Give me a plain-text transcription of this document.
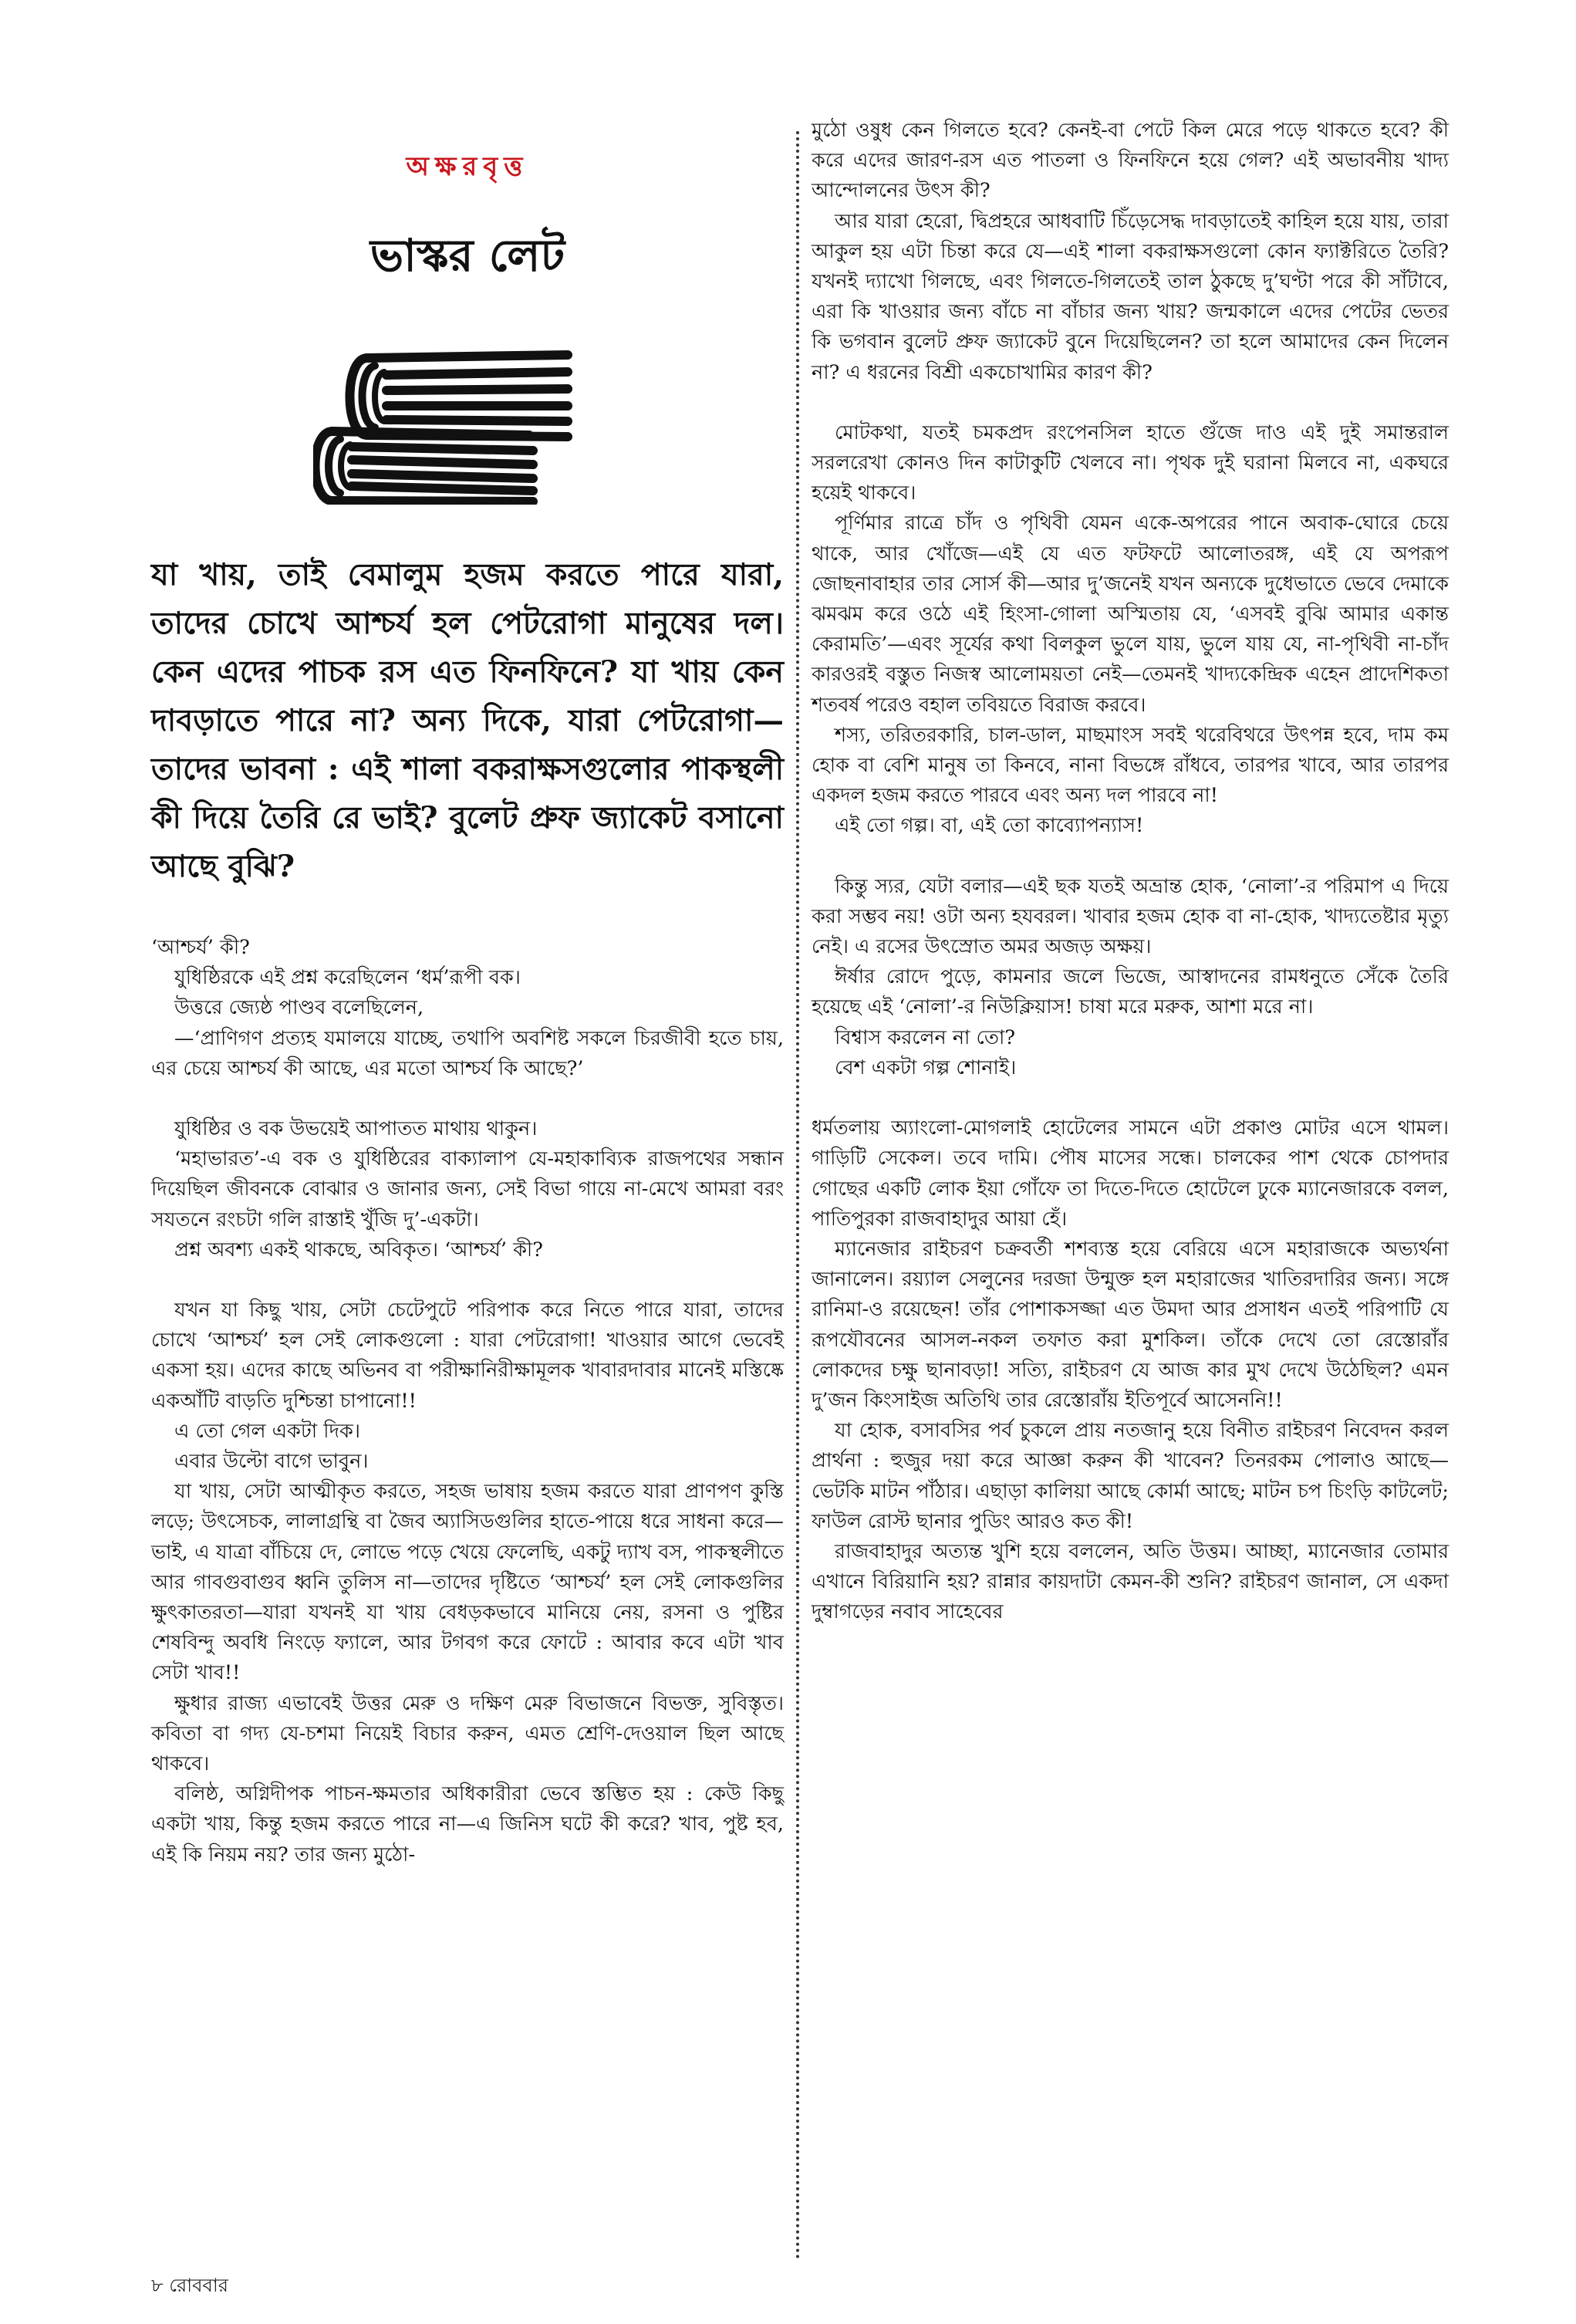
অক্ষরবৃত্ত
ভাস্কর লেট
যা খায়, তাই বেমালুম হজম করতে পারে যারা, তাদের চোখে আশ্চর্য হল পেটরোগা মানুষের দল। কেন এদের পাচক রস এত ফিনফিনে? যা খায় কেন দাবড়াতে পারে না? অন্য দিকে, যারা পেটরোগা—তাদের ভাবনা : এই শালা বকরাক্ষসগুলোর পাকস্থলী কী দিয়ে তৈরি রে ভাই? বুলেট প্রুফ জ্যাকেট বসানো আছে বুঝি?

‘আশ্চর্য’ কী?

যুধিষ্ঠিরকে এই প্রশ্ন করেছিলেন ‘ধর্ম’রূপী বক।

উত্তরে জ্যেষ্ঠ পাণ্ডব বলেছিলেন,

—‘প্রাণিগণ প্রত্যহ যমালয়ে যাচ্ছে, তথাপি অবশিষ্ট সকলে চিরজীবী হতে চায়, এর চেয়ে আশ্চর্য কী আছে, এর মতো আশ্চর্য কি আছে?’

যুধিষ্ঠির ও বক উভয়েই আপাতত মাথায় থাকুন।

‘মহাভারত’-এ বক ও যুধিষ্ঠিরের বাক্যালাপ যে-মহাকাব্যিক রাজপথের সন্ধান দিয়েছিল জীবনকে বোঝার ও জানার জন্য, সেই বিভা গায়ে না-মেখে আমরা বরং সযতনে রংচটা গলি রাস্তাই খুঁজি দু’-একটা।

প্রশ্ন অবশ্য একই থাকছে, অবিকৃত। ‘আশ্চর্য’ কী?

যখন যা কিছু খায়, সেটা চেটেপুটে পরিপাক করে নিতে পারে যারা, তাদের চোখে ‘আশ্চর্য’ হল সেই লোকগুলো : যারা পেটরোগা! খাওয়ার আগে ভেবেই একসা হয়। এদের কাছে অভিনব বা পরীক্ষানিরীক্ষামূলক খাবারদাবার মানেই মস্তিষ্কে একআঁটি বাড়তি দুশ্চিন্তা চাপানো!!

এ তো গেল একটা দিক।

এবার উল্টো বাগে ভাবুন।

যা খায়, সেটা আত্মীকৃত করতে, সহজ ভাষায় হজম করতে যারা প্রাণপণ কুস্তি লড়ে; উৎসেচক, লালাগ্রন্থি বা জৈব অ্যাসিডগুলির হাতে-পায়ে ধরে সাধনা করে—ভাই, এ যাত্রা বাঁচিয়ে দে, লোভে পড়ে খেয়ে ফেলেছি, একটু দ্যাখ বস, পাকস্থলীতে আর গাবগুবাগুব ধ্বনি তুলিস না—তাদের দৃষ্টিতে ‘আশ্চর্য’ হল সেই লোকগুলির ক্ষুৎকাতরতা—যারা যখনই যা খায় বেধড়কভাবে মানিয়ে নেয়, রসনা ও পুষ্টির শেষবিন্দু অবধি নিংড়ে ফ্যালে, আর টগবগ করে ফোটে : আবার কবে এটা খাব সেটা খাব!!

ক্ষুধার রাজ্য এভাবেই উত্তর মেরু ও দক্ষিণ মেরু বিভাজনে বিভক্ত, সুবিস্তৃত। কবিতা বা গদ্য যে-চশমা নিয়েই বিচার করুন, এমত শ্রেণি-দেওয়াল ছিল আছে থাকবে।

বলিষ্ঠ, অগ্নিদীপক পাচন-ক্ষমতার অধিকারীরা ভেবে স্তম্ভিত হয় : কেউ কিছু একটা খায়, কিন্তু হজম করতে পারে না—এ জিনিস ঘটে কী করে? খাব, পুষ্ট হব, এই কি নিয়ম নয়? তার জন্য মুঠো-

মুঠো ওষুধ কেন গিলতে হবে? কেনই-বা পেটে কিল মেরে পড়ে থাকতে হবে? কী করে এদের জারণ-রস এত পাতলা ও ফিনফিনে হয়ে গেল? এই অভাবনীয় খাদ্য আন্দোলনের উৎস কী?

আর যারা হেরো, দ্বিপ্রহরে আধবাটি চিঁড়েসেদ্ধ দাবড়াতেই কাহিল হয়ে যায়, তারা আকুল হয় এটা চিন্তা করে যে—এই শালা বকরাক্ষসগুলো কোন ফ্যাক্টরিতে তৈরি? যখনই দ্যাখো গিলছে, এবং গিলতে-গিলতেই তাল ঠুকছে দু’ঘণ্টা পরে কী সাঁটাবে, এরা কি খাওয়ার জন্য বাঁচে না বাঁচার জন্য খায়? জন্মকালে এদের পেটের ভেতর কি ভগবান বুলেট প্রুফ জ্যাকেট বুনে দিয়েছিলেন? তা হলে আমাদের কেন দিলেন না? এ ধরনের বিশ্রী একচোখামির কারণ কী?

মোটকথা, যতই চমকপ্রদ রংপেনসিল হাতে গুঁজে দাও এই দুই সমান্তরাল সরলরেখা কোনও দিন কাটাকুটি খেলবে না। পৃথক দুই ঘরানা মিলবে না, একঘরে হয়েই থাকবে।

পূর্ণিমার রাত্রে চাঁদ ও পৃথিবী যেমন একে-অপরের পানে অবাক-ঘোরে চেয়ে থাকে, আর খোঁজে—এই যে এত ফটফটে আলোতরঙ্গ, এই যে অপরূপ জোছনাবাহার তার সোর্স কী—আর দু’জনেই যখন অন্যকে দুধেভাতে ভেবে দেমাকে ঝমঝম করে ওঠে এই হিংসা-গোলা অস্মিতায় যে, ‘এসবই বুঝি আমার একান্ত কেরামতি’—এবং সূর্যের কথা বিলকুল ভুলে যায়, ভুলে যায় যে, না-পৃথিবী না-চাঁদ কারওরই বস্তুত নিজস্ব আলোময়তা নেই—তেমনই খাদ্যকেন্দ্রিক এহেন প্রাদেশিকতা শতবর্ষ পরেও বহাল তবিয়তে বিরাজ করবে।

শস্য, তরিতরকারি, চাল-ডাল, মাছমাংস সবই থরেবিথরে উৎপন্ন হবে, দাম কম হোক বা বেশি মানুষ তা কিনবে, নানা বিভঙ্গে রাঁধবে, তারপর খাবে, আর তারপর একদল হজম করতে পারবে এবং অন্য দল পারবে না!

এই তো গল্প। বা, এই তো কাব্যোপন্যাস!

কিন্তু স্যর, যেটা বলার—এই ছক যতই অভ্রান্ত হোক, ‘নোলা’-র পরিমাপ এ দিয়ে করা সম্ভব নয়! ওটা অন্য হযবরল। খাবার হজম হোক বা না-হোক, খাদ্যতেষ্টার মৃত্যু নেই। এ রসের উৎস্রোত অমর অজড় অক্ষয়।

ঈর্ষার রোদে পুড়ে, কামনার জলে ভিজে, আস্বাদনের রামধনুতে সেঁকে তৈরি হয়েছে এই ‘নোলা’-র নিউক্লিয়াস! চাষা মরে মরুক, আশা মরে না।

বিশ্বাস করলেন না তো?

বেশ একটা গল্প শোনাই।

ধর্মতলায় অ্যাংলো-মোগলাই হোটেলের সামনে এটা প্রকাণ্ড মোটর এসে থামল। গাড়িটি সেকেল। তবে দামি। পৌষ মাসের সন্ধে। চালকের পাশ থেকে চোপদার গোছের একটি লোক ইয়া গোঁফে তা দিতে-দিতে হোটেলে ঢুকে ম্যানেজারকে বলল, পাতিপুরকা রাজবাহাদুর আয়া হেঁ।

ম্যানেজার রাইচরণ চক্রবর্তী শশব্যস্ত হয়ে বেরিয়ে এসে মহারাজকে অভ্যর্থনা জানালেন। রয়্যাল সেলুনের দরজা উন্মুক্ত হল মহারাজের খাতিরদারির জন্য। সঙ্গে রানিমা-ও রয়েছেন! তাঁর পোশাকসজ্জা এত উমদা আর প্রসাধন এতই পরিপাটি যে রূপযৌবনের আসল-নকল তফাত করা মুশকিল। তাঁকে দেখে তো রেস্তোরাঁর লোকদের চক্ষু ছানাবড়া! সত্যি, রাইচরণ যে আজ কার মুখ দেখে উঠেছিল? এমন দু’জন কিংসাইজ অতিথি তার রেস্তোরাঁয় ইতিপূর্বে আসেননি!!

যা হোক, বসাবসির পর্ব চুকলে প্রায় নতজানু হয়ে বিনীত রাইচরণ নিবেদন করল প্রার্থনা : হুজুর দয়া করে আজ্ঞা করুন কী খাবেন? তিনরকম পোলাও আছে—ভেটকি মাটন পাঁঠার। এছাড়া কালিয়া আছে কোর্মা আছে; মাটন চপ চিংড়ি কাটলেট; ফাউল রোস্ট ছানার পুডিং আরও কত কী!

রাজবাহাদুর অত্যন্ত খুশি হয়ে বললেন, অতি উত্তম। আচ্ছা, ম্যানেজার তোমার এখানে বিরিয়ানি হয়? রান্নার কায়দাটা কেমন-কী শুনি? রাইচরণ জানাল, সে একদা দুম্বাগড়ের নবাব সাহেবের

৮ রোববার
